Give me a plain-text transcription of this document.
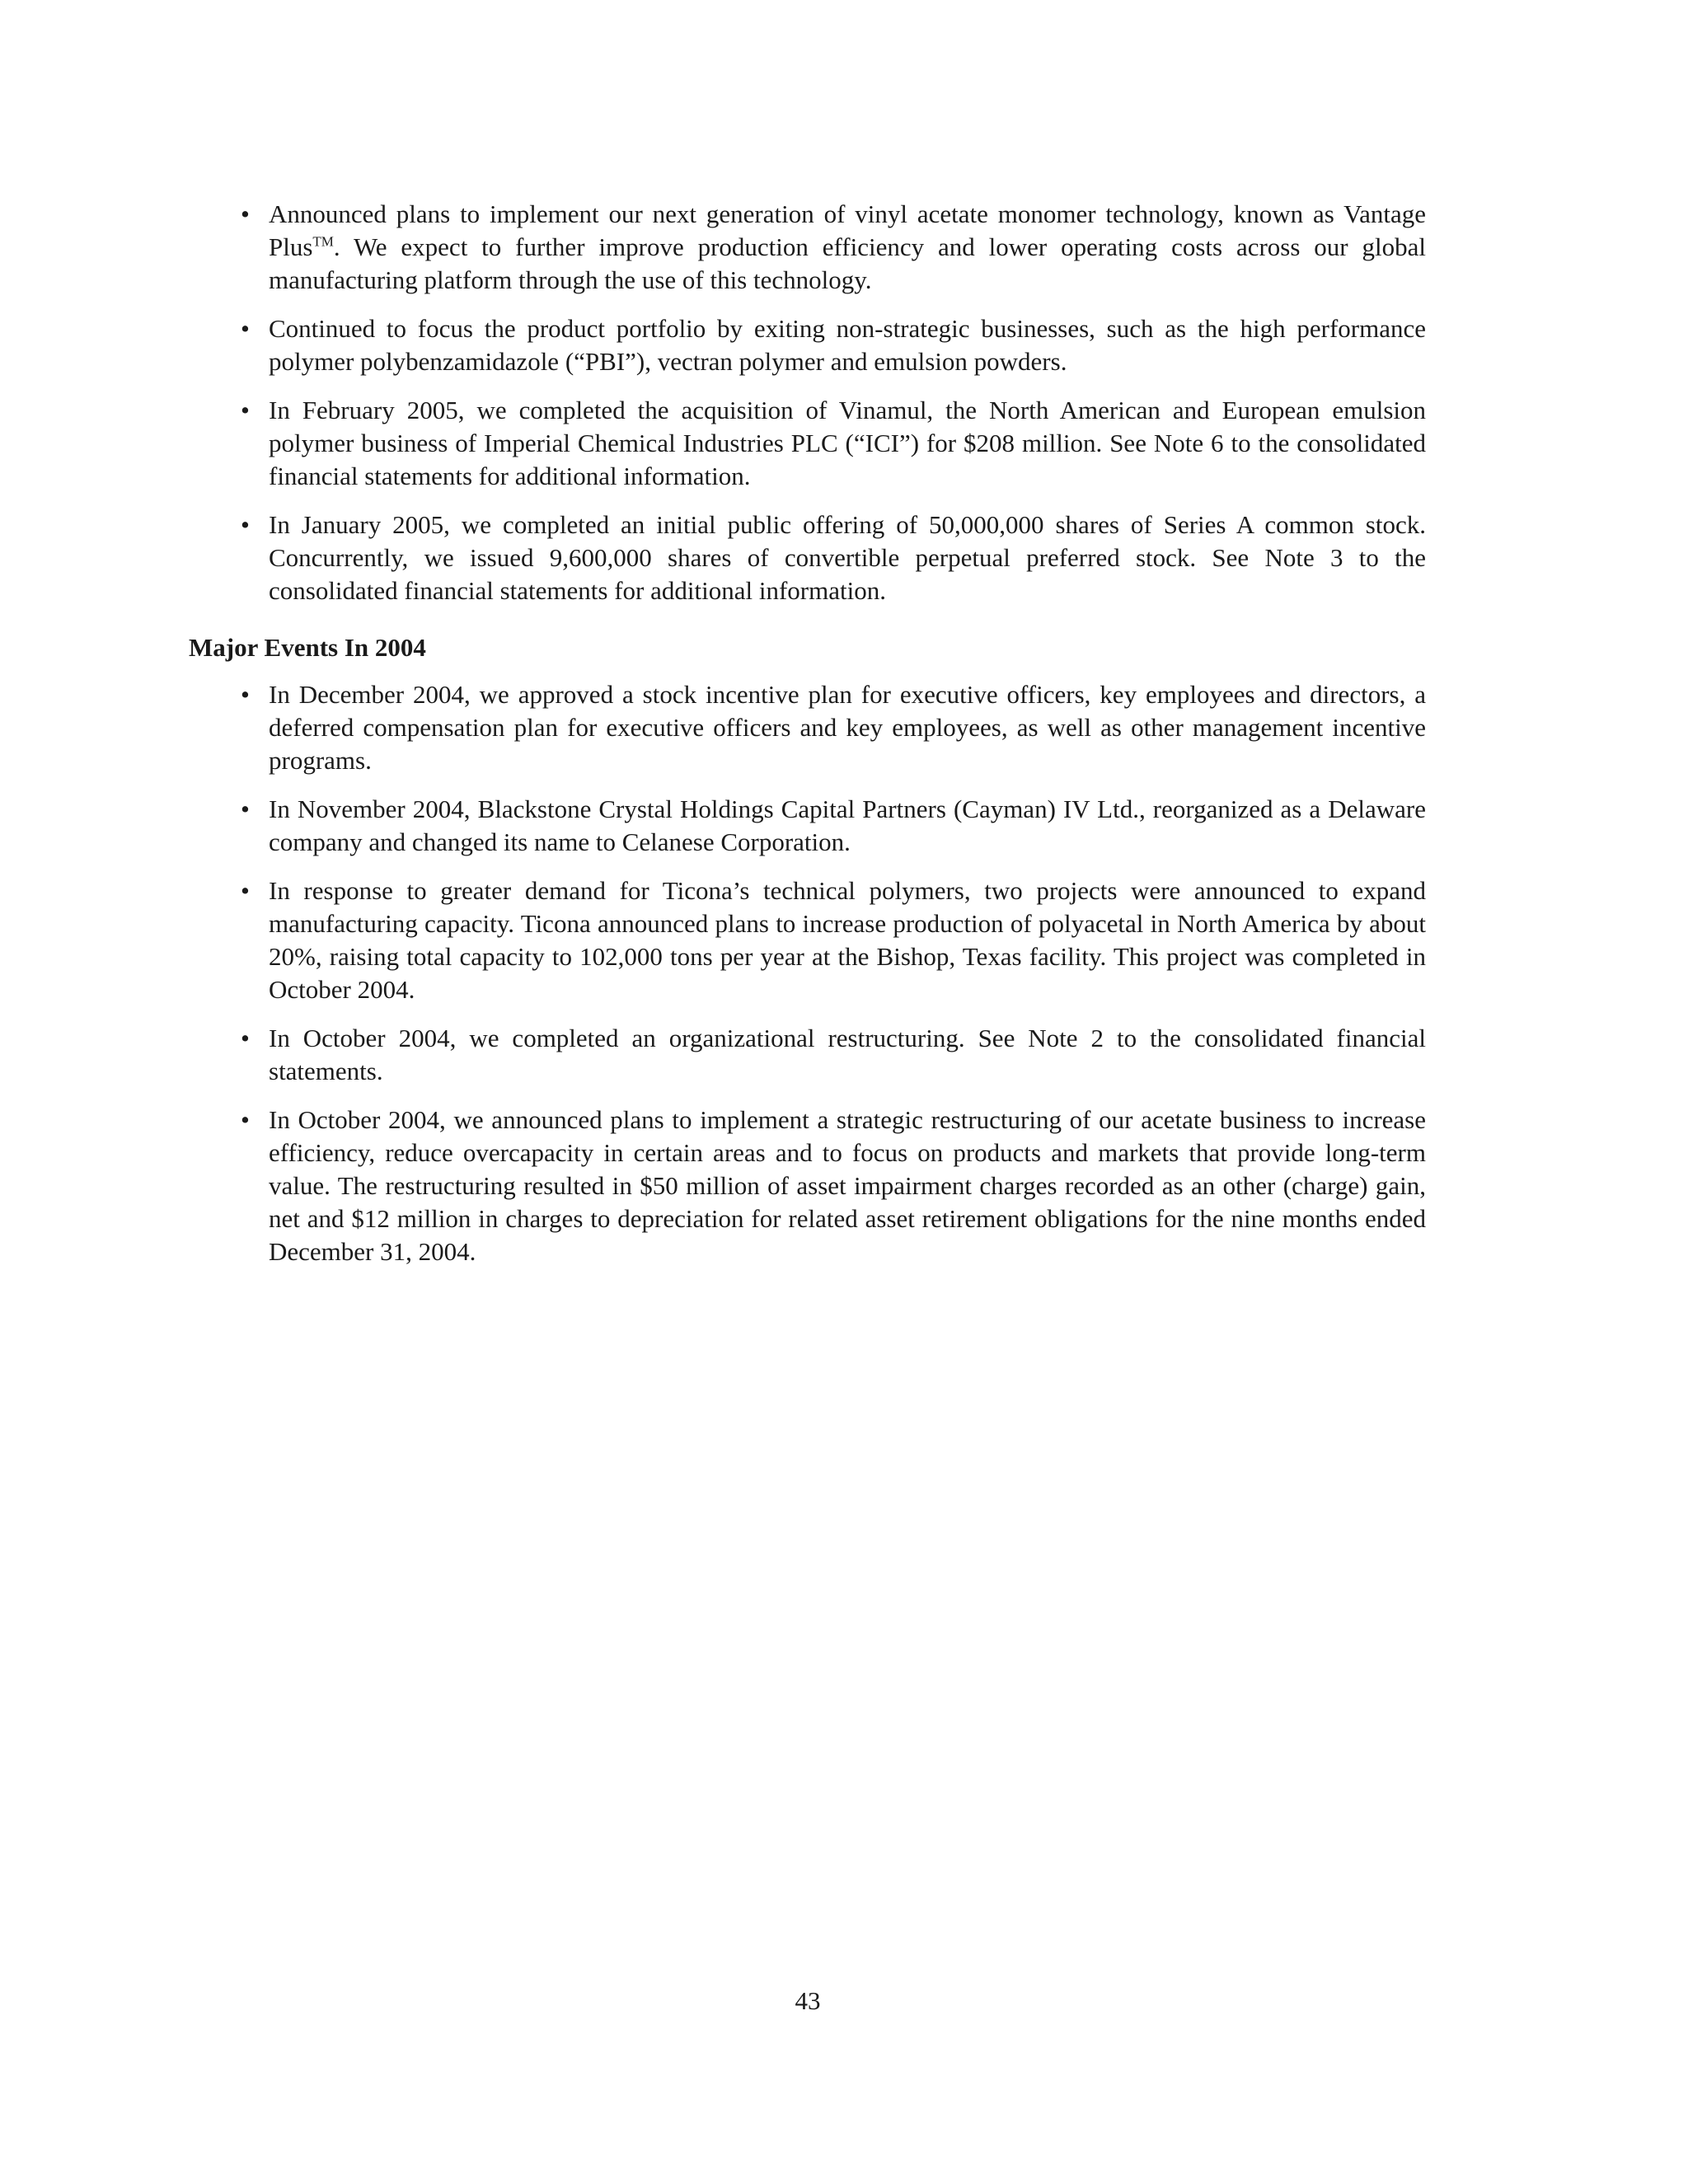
• Announced plans to implement our next generation of vinyl acetate monomer technology, known as Vantage Plus™. We expect to further improve production efficiency and lower operating costs across our global manufacturing platform through the use of this technology.
• Continued to focus the product portfolio by exiting non-strategic businesses, such as the high performance polymer polybenzamidazole (“PBI”), vectran polymer and emulsion powders.
• In February 2005, we completed the acquisition of Vinamul, the North American and European emulsion polymer business of Imperial Chemical Industries PLC (“ICI”) for $208 million. See Note 6 to the consolidated financial statements for additional information.
• In January 2005, we completed an initial public offering of 50,000,000 shares of Series A common stock. Concurrently, we issued 9,600,000 shares of convertible perpetual preferred stock. See Note 3 to the consolidated financial statements for additional information.
Major Events In 2004
• In December 2004, we approved a stock incentive plan for executive officers, key employees and directors, a deferred compensation plan for executive officers and key employees, as well as other management incentive programs.
• In November 2004, Blackstone Crystal Holdings Capital Partners (Cayman) IV Ltd., reorganized as a Delaware company and changed its name to Celanese Corporation.
• In response to greater demand for Ticona’s technical polymers, two projects were announced to expand manufacturing capacity. Ticona announced plans to increase production of polyacetal in North America by about 20%, raising total capacity to 102,000 tons per year at the Bishop, Texas facility. This project was completed in October 2004.
• In October 2004, we completed an organizational restructuring. See Note 2 to the consolidated financial statements.
• In October 2004, we announced plans to implement a strategic restructuring of our acetate business to increase efficiency, reduce overcapacity in certain areas and to focus on products and markets that provide long-term value. The restructuring resulted in $50 million of asset impairment charges recorded as an other (charge) gain, net and $12 million in charges to depreciation for related asset retirement obligations for the nine months ended December 31, 2004.
43
